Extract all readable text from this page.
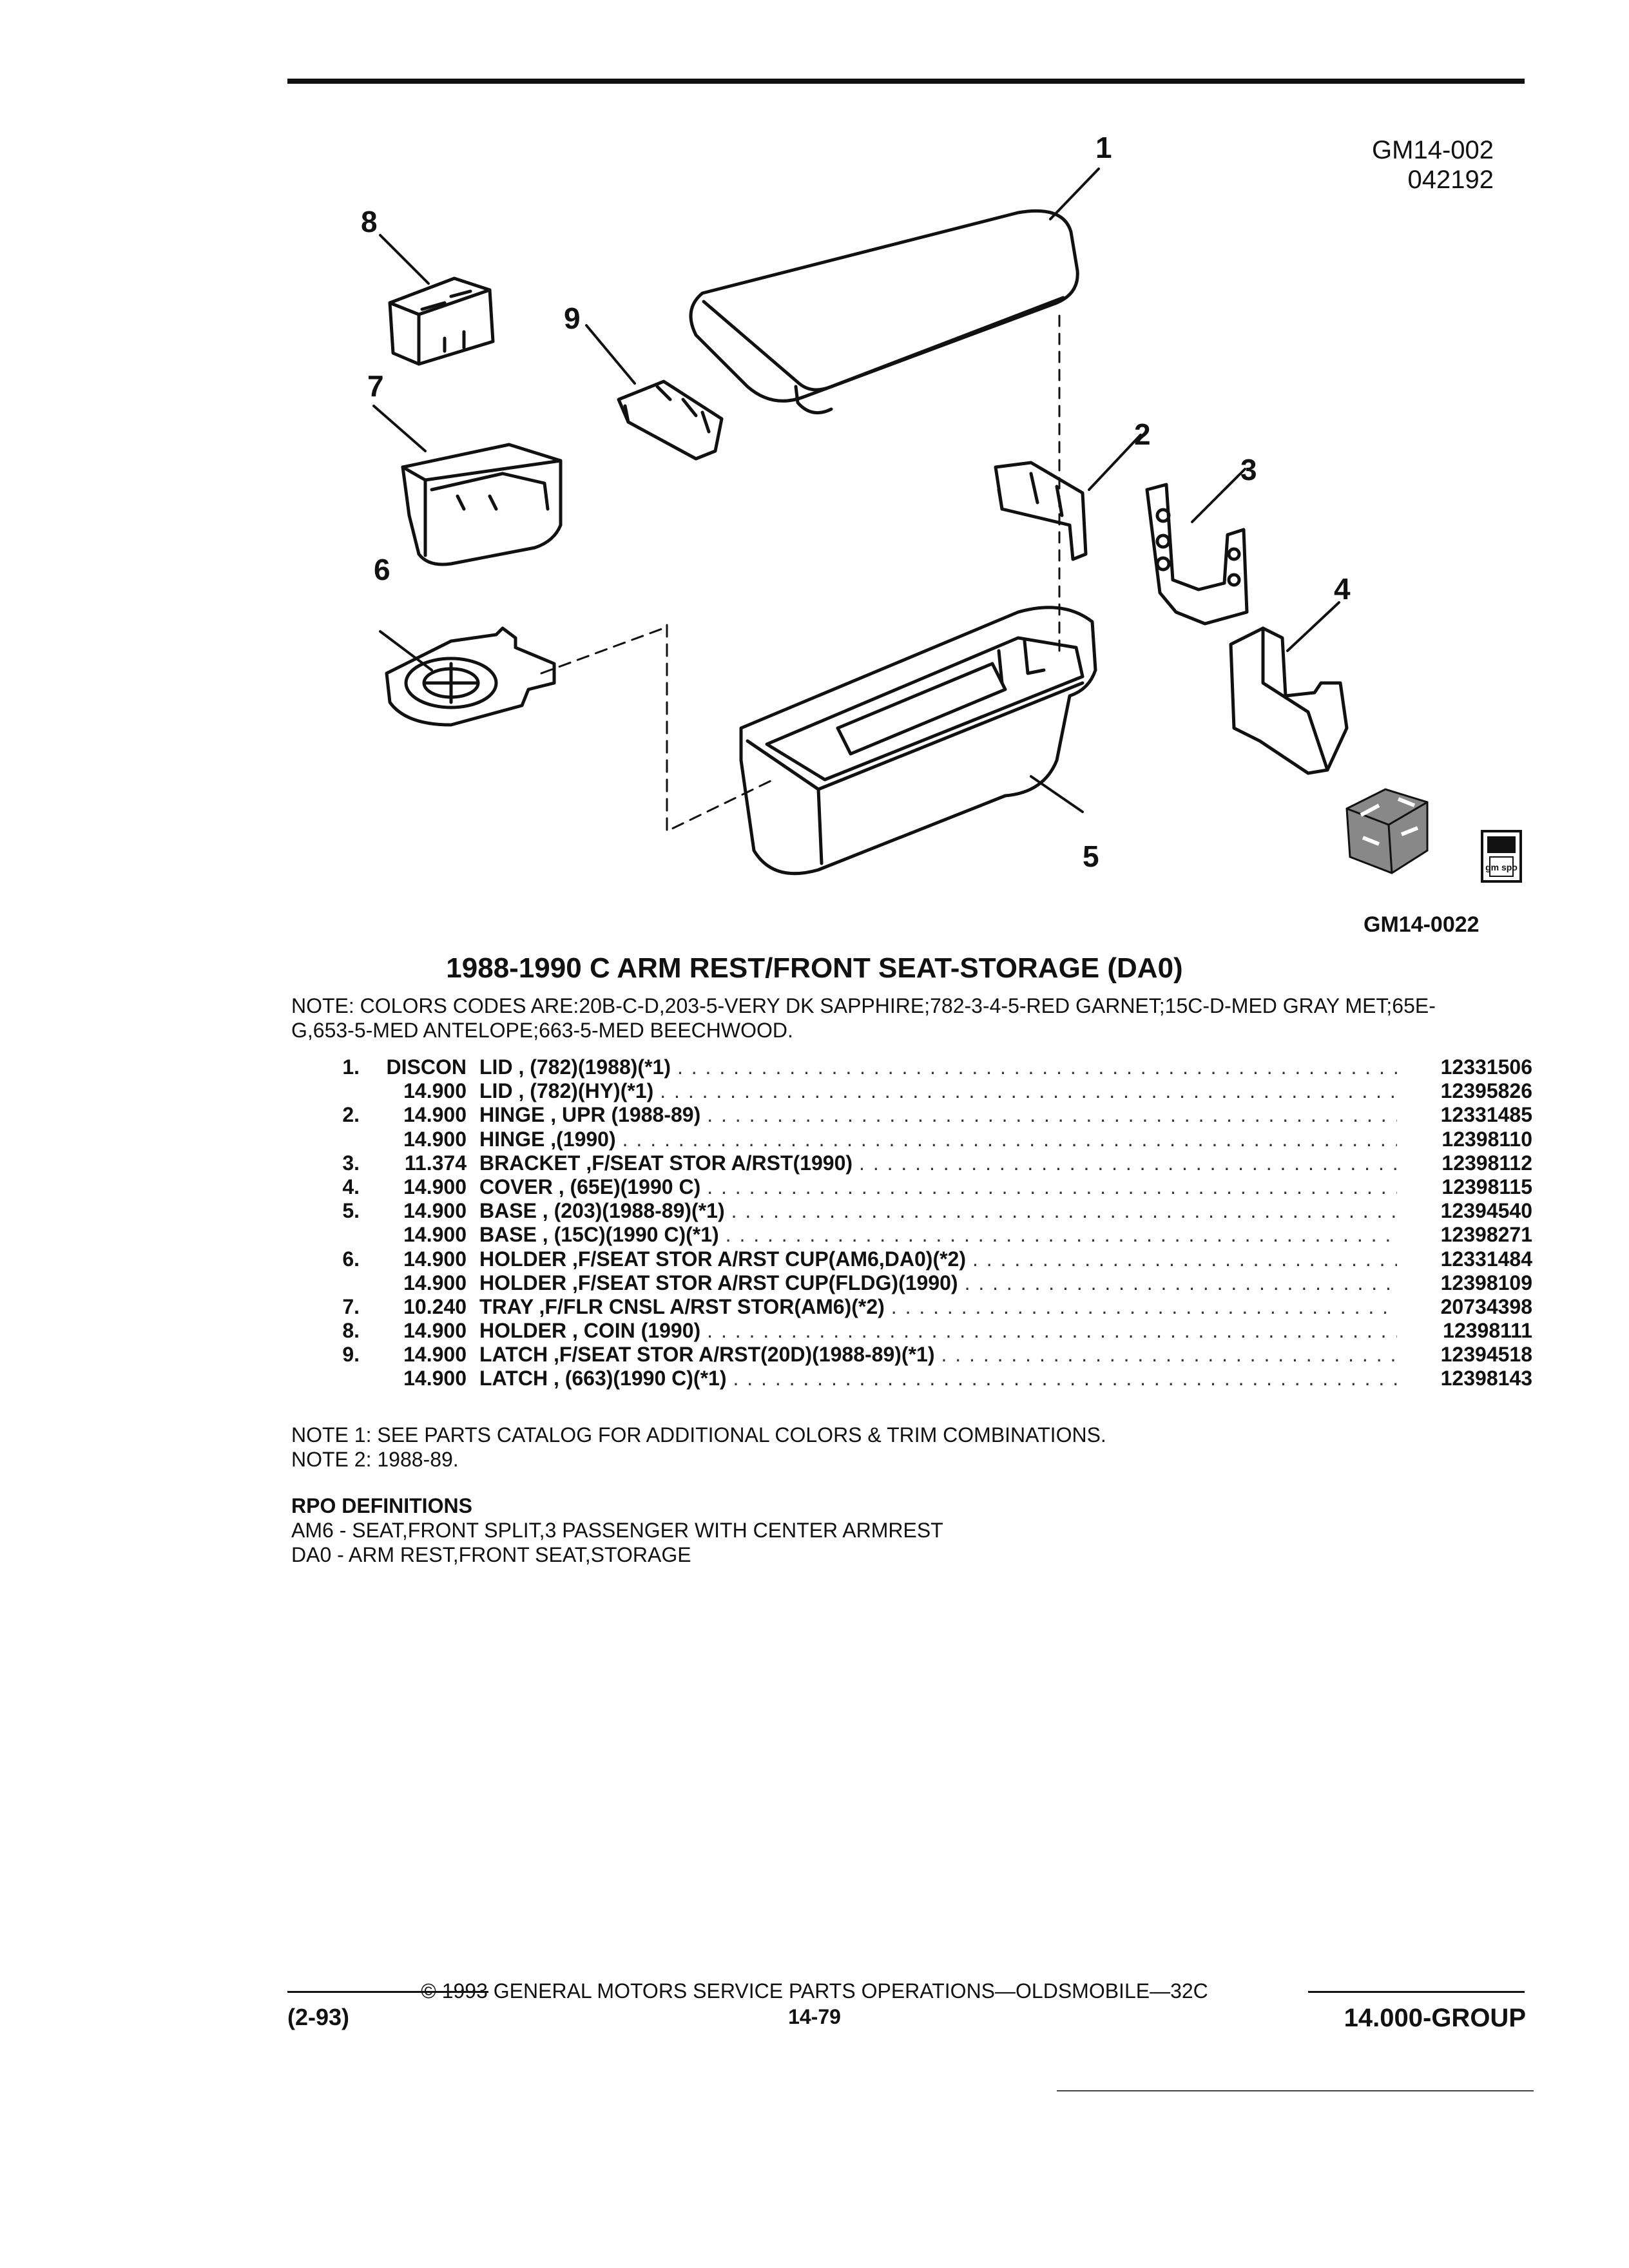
GM14-002
042192
1
2
3
4
5
6
7
8
9
gm spo
GM14-0022
1988-1990 C ARM REST/FRONT SEAT-STORAGE (DA0)
NOTE: COLORS CODES ARE:20B-C-D,203-5-VERY DK SAPPHIRE;782-3-4-5-RED GARNET;15C-D-MED GRAY MET;65E-G,653-5-MED ANTELOPE;663-5-MED BEECHWOOD.
1.	DISCON LID , (782)(1988)(*1) . . .	12331506
14.900 LID , (782)(HY)(*1) . . .	12395826
2.	14.900 HINGE , UPR (1988-89) . . .	12331485
14.900 HINGE ,(1990) . . .	12398110
3.	11.374 BRACKET ,F/SEAT STOR A/RST(1990) . . .	12398112
4.	14.900 COVER , (65E)(1990 C) . . .	12398115
5.	14.900 BASE , (203)(1988-89)(*1) . . .	12394540
14.900 BASE , (15C)(1990 C)(*1) . . .	12398271
6.	14.900 HOLDER ,F/SEAT STOR A/RST CUP(AM6,DA0)(*2) . . .	12331484
14.900 HOLDER ,F/SEAT STOR A/RST CUP(FLDG)(1990) . . .	12398109
7.	10.240 TRAY ,F/FLR CNSL A/RST STOR(AM6)(*2) . . .	20734398
8.	14.900 HOLDER , COIN (1990) . . .	12398111
9.	14.900 LATCH ,F/SEAT STOR A/RST(20D)(1988-89)(*1) . . .	12394518
14.900 LATCH , (663)(1990 C)(*1) . . .	12398143
NOTE 1: SEE PARTS CATALOG FOR ADDITIONAL COLORS & TRIM COMBINATIONS.
NOTE 2: 1988-89.
RPO DEFINITIONS
AM6 - SEAT,FRONT SPLIT,3 PASSENGER WITH CENTER ARMREST
DA0 - ARM REST,FRONT SEAT,STORAGE
© 1993 GENERAL MOTORS SERVICE PARTS OPERATIONS—OLDSMOBILE—32C
(2-93)	14-79	14.000-GROUP
